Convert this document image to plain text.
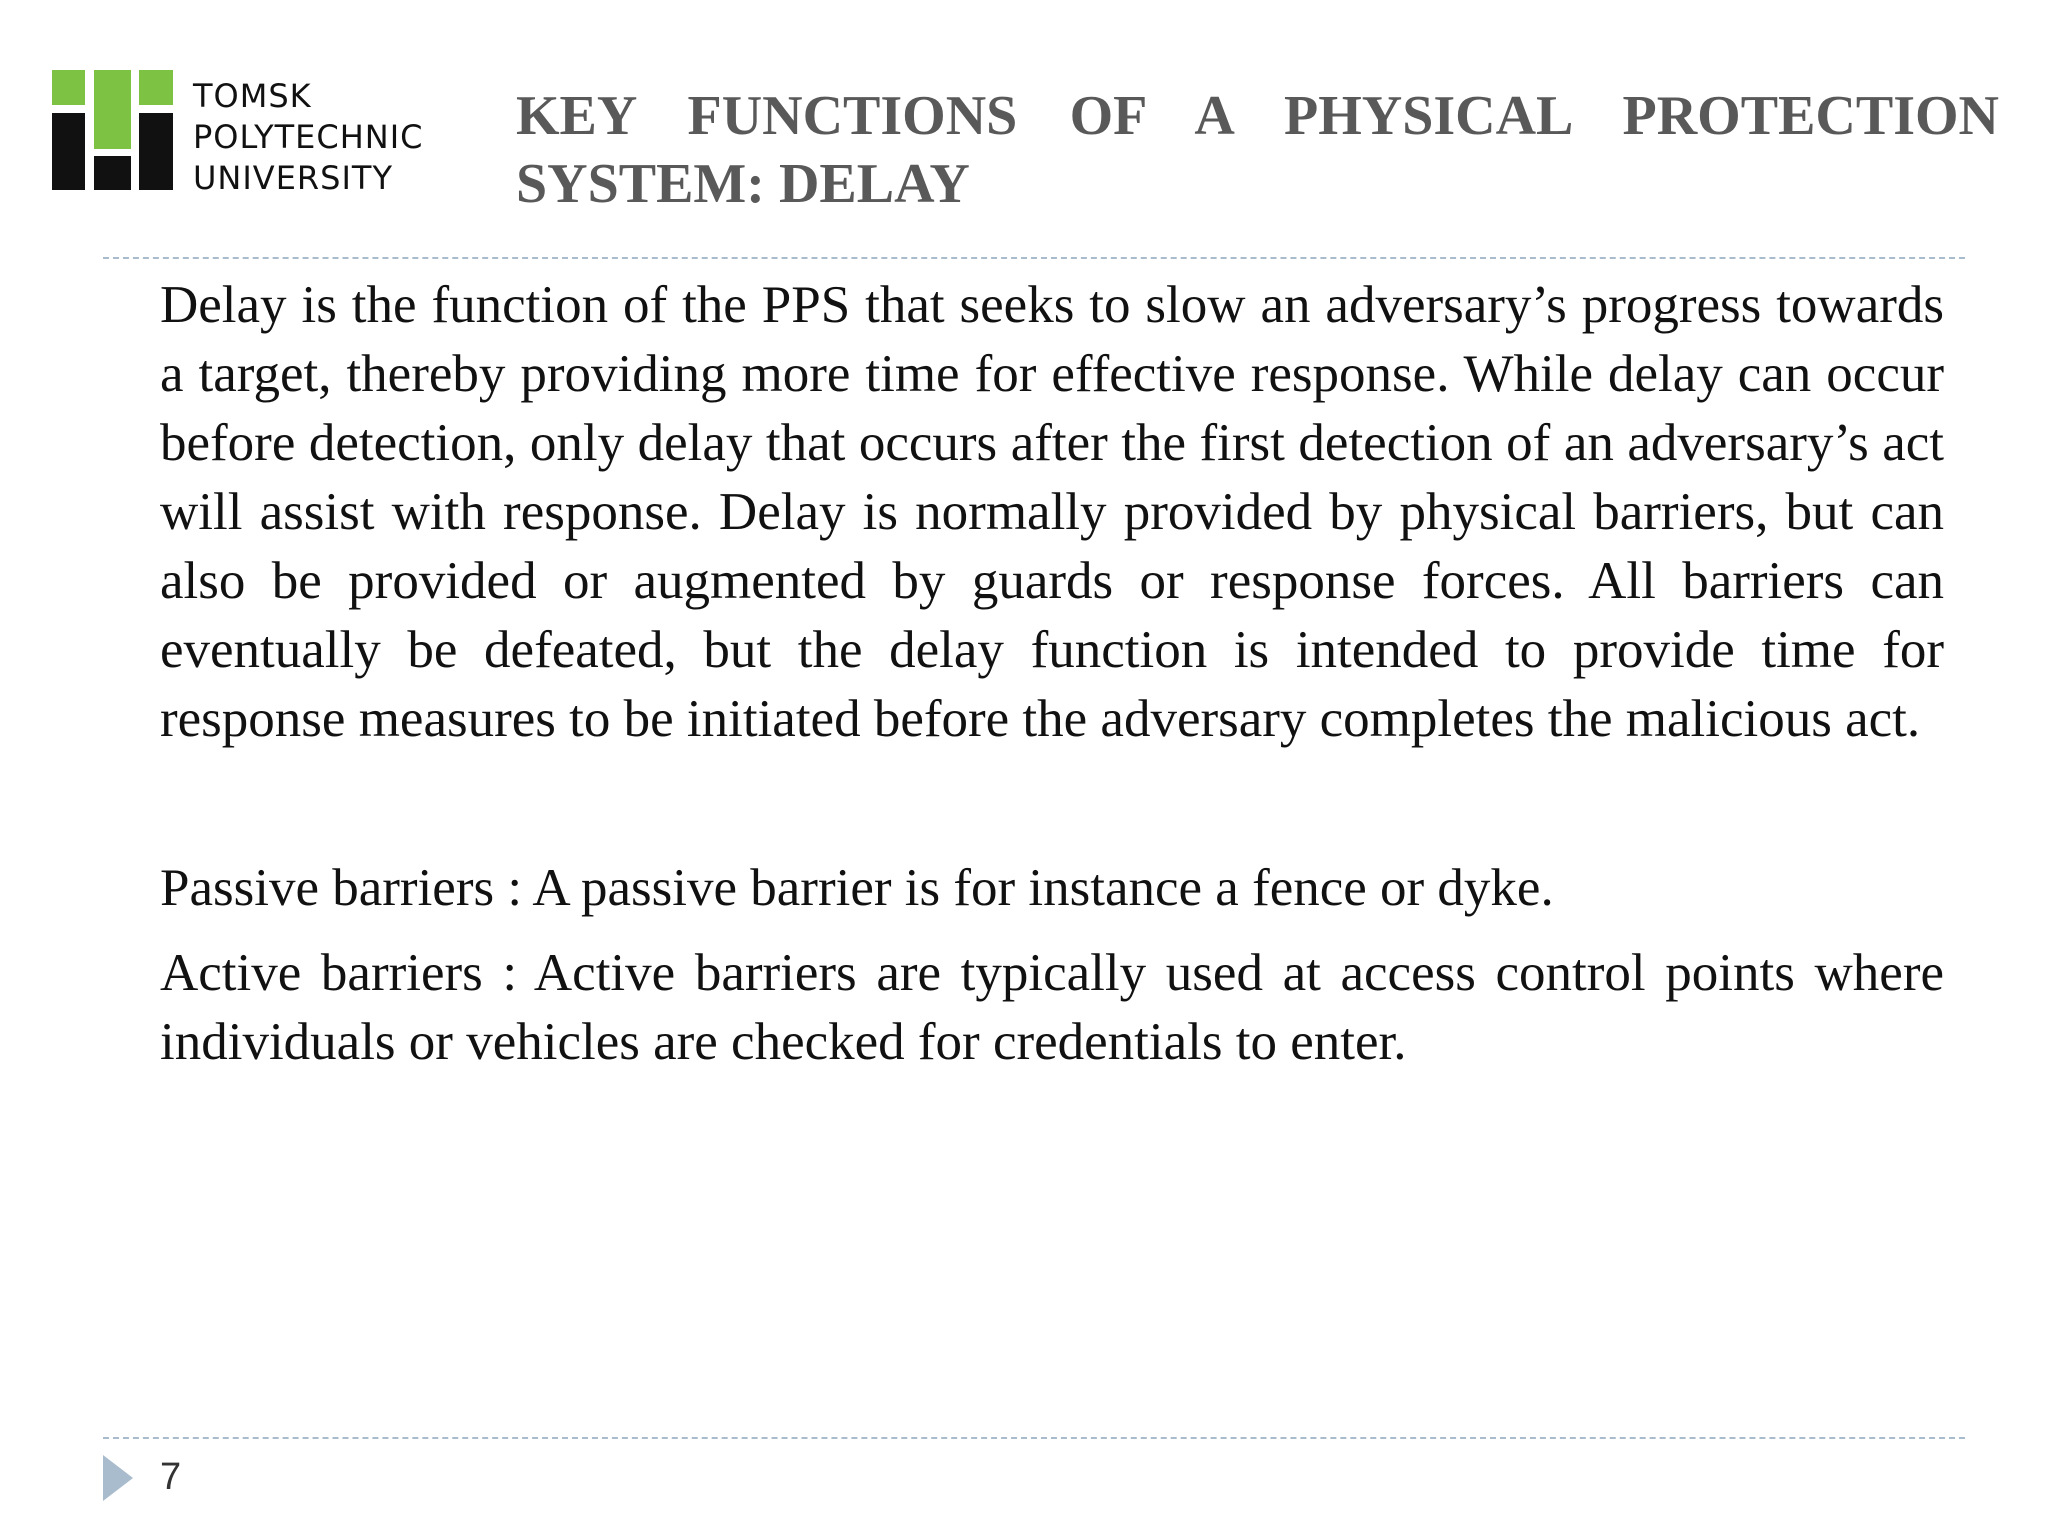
TOMSK
POLYTECHNIC
UNIVERSITY
KEY FUNCTIONS OF A PHYSICAL PROTECTION SYSTEM: DELAY

Delay is the function of the PPS that seeks to slow an adversary’s progress towards a target, thereby providing more time for effective response. While delay can occur before detection, only delay that occurs after the first detection of an adversary’s act will assist with response. Delay is normally provided by physical barriers, but can also be provided or augmented by guards or response forces. All barriers can eventually be defeated, but the delay function is intended to provide time for response measures to be initiated before the adversary completes the malicious act.

Passive barriers : A passive barrier is for instance a fence or dyke.

Active barriers : Active barriers are typically used at access control points where individuals or vehicles are checked for credentials to enter.

7
